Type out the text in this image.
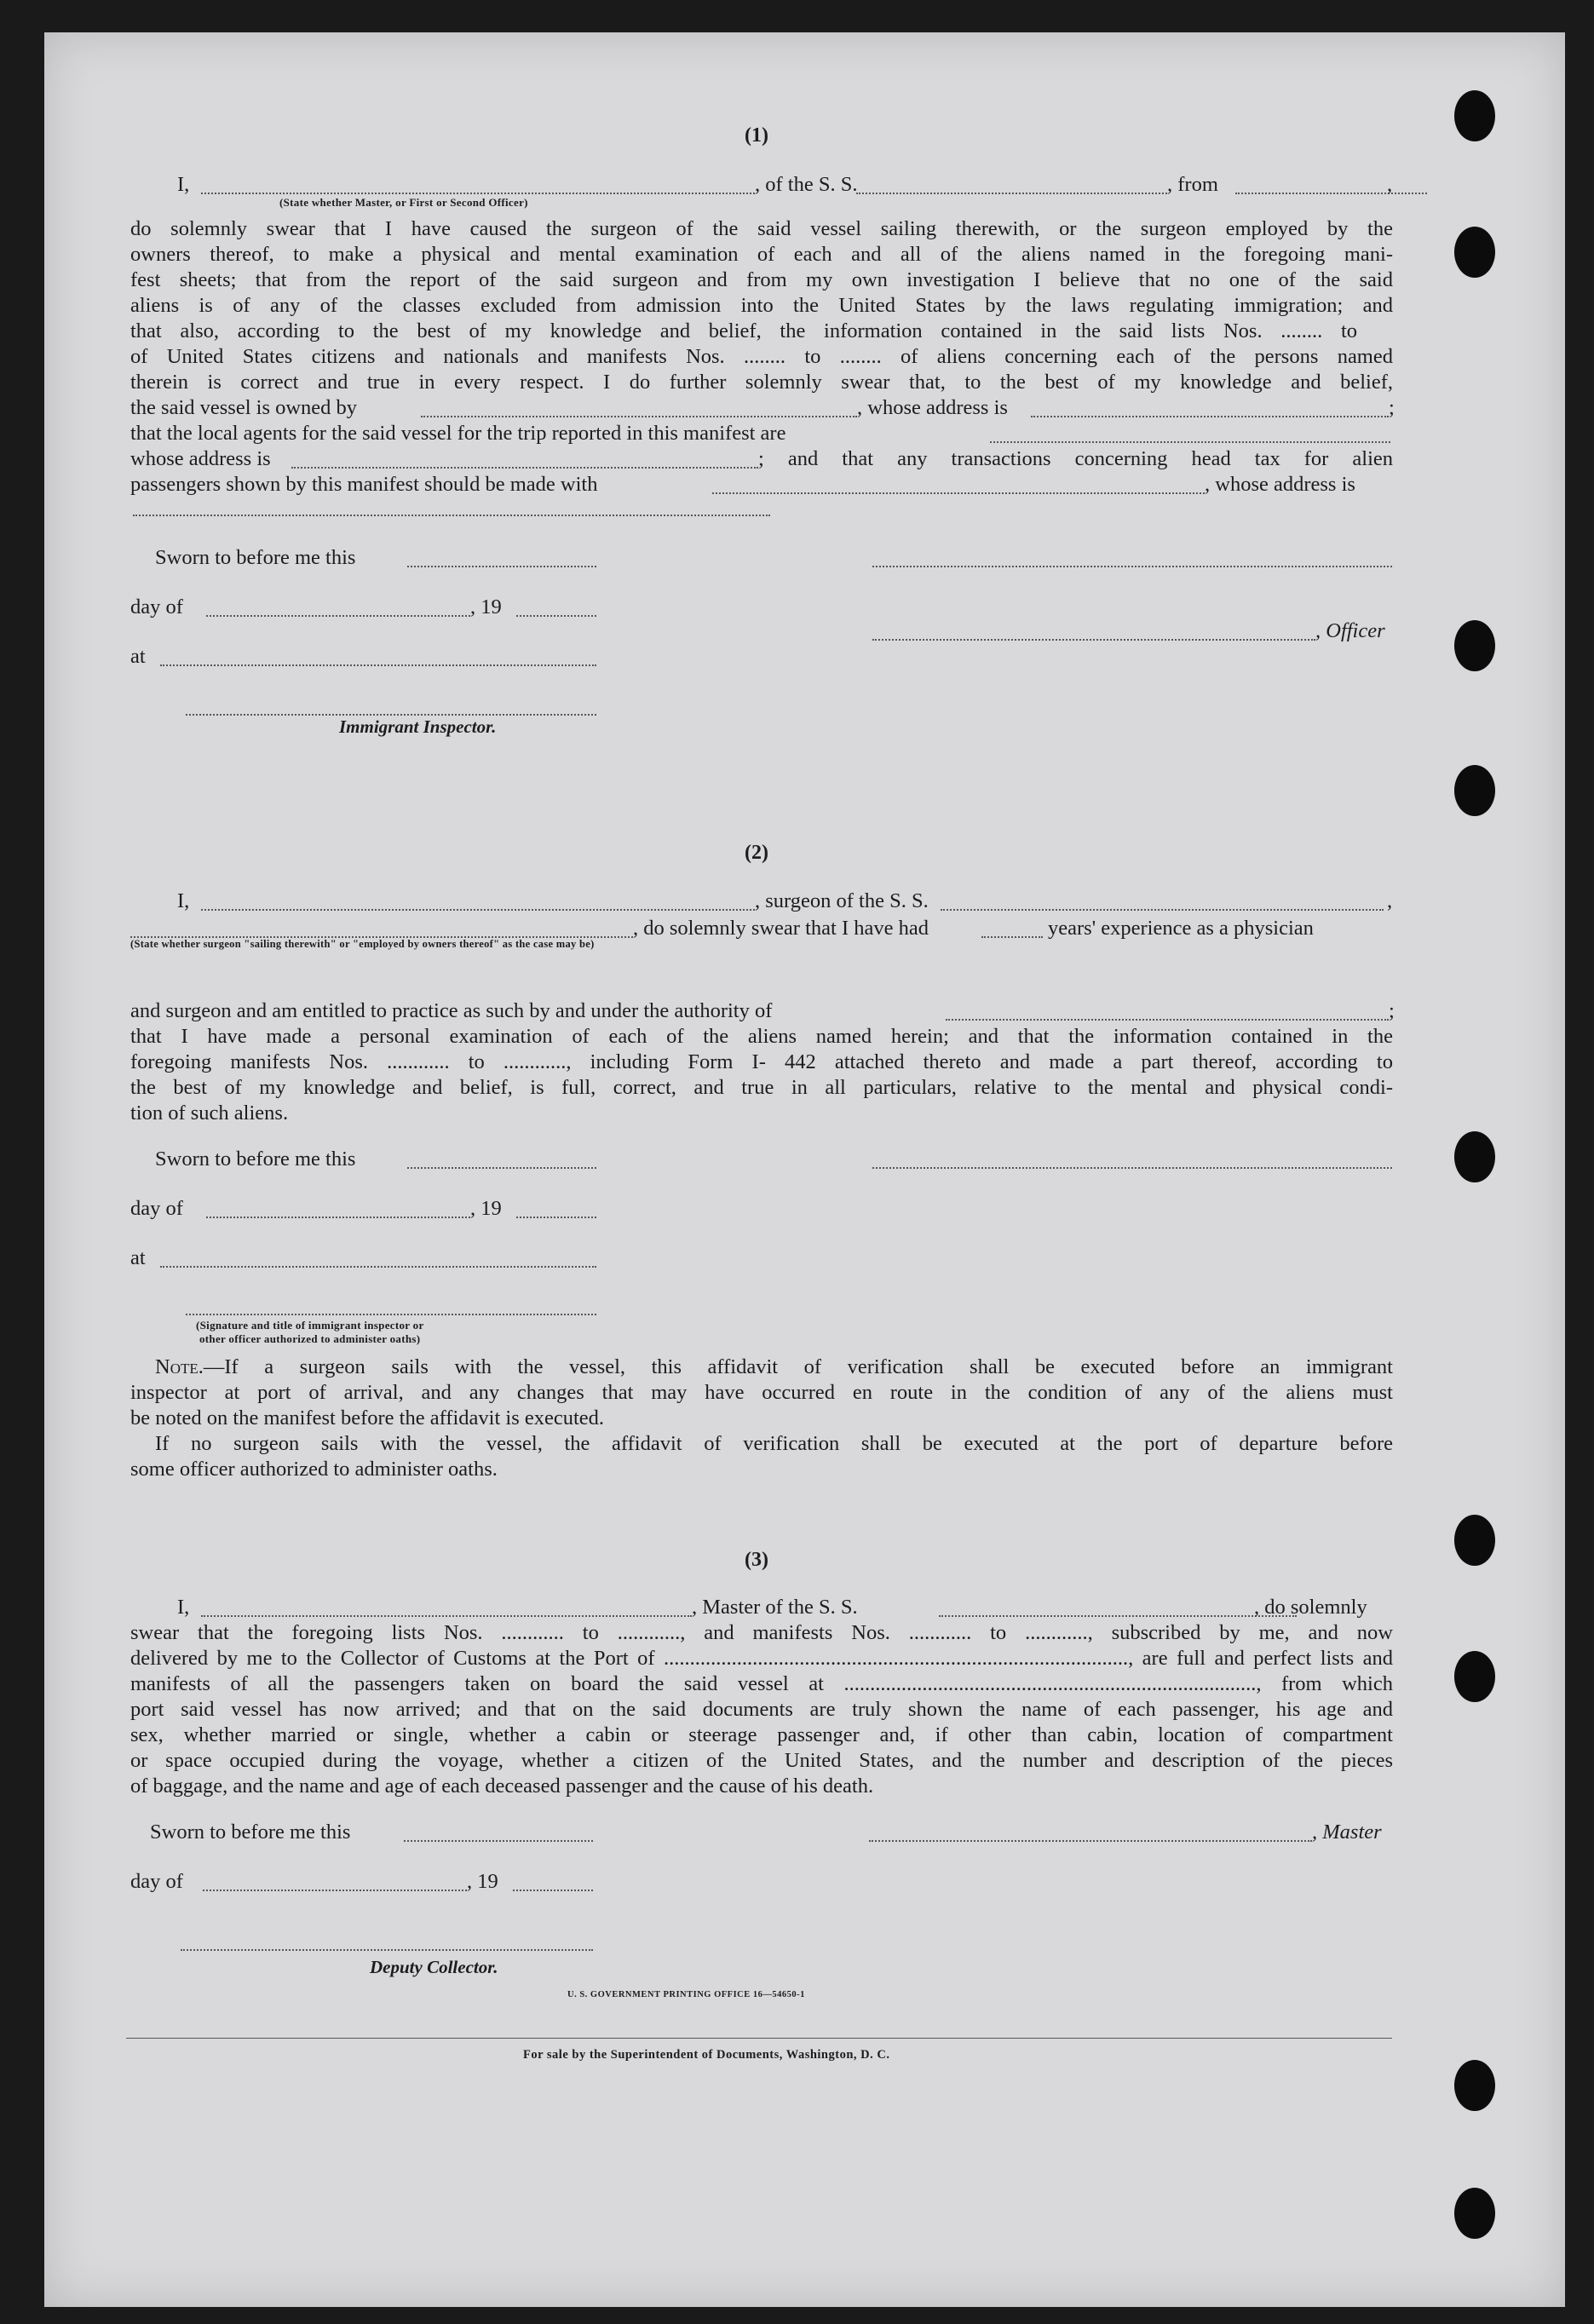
(1)
I,	, of the S. S.	, from	,
(State whether Master, or First or Second Officer)
do solemnly swear that I have caused the surgeon of the said vessel sailing therewith, or the surgeon employed by the
owners thereof, to make a physical and mental examination of each and all of the aliens named in the foregoing mani-
fest sheets; that from the report of the said surgeon and from my own investigation I believe that no one of the said
aliens is of any of the classes excluded from admission into the United States by the laws regulating immigration; and
that also, according to the best of my knowledge and belief, the information contained in the said lists Nos. ........ to
of United States citizens and nationals and manifests Nos. ........ to ........ of aliens concerning each of the persons named
therein is correct and true in every respect. I do further solemnly swear that, to the best of my knowledge and belief,
the said vessel is owned by	, whose address is	;
that the local agents for the said vessel for the trip reported in this manifest are
whose address is	; and that any transactions concerning head tax for alien
passengers shown by this manifest should be made with	, whose address is
Sworn to before me this
day of	, 19
at
, Officer
Immigrant Inspector.
(2)
I,	, surgeon of the S. S.	,
, do solemnly swear that I have had	years' experience as a physician
(State whether surgeon "sailing therewith" or "employed by owners thereof" as the case may be)
and surgeon and am entitled to practice as such by and under the authority of	;
that I have made a personal examination of each of the aliens named herein; and that the information contained in the
foregoing manifests Nos. ............ to ............, including Form I- 442 attached thereto and made a part thereof, according to
the best of my knowledge and belief, is full, correct, and true in all particulars, relative to the mental and physical condi-
tion of such aliens.
Sworn to before me this
day of	, 19
at
(Signature and title of immigrant inspector or
other officer authorized to administer oaths)
Note.—If a surgeon sails with the vessel, this affidavit of verification shall be executed before an immigrant
inspector at port of arrival, and any changes that may have occurred en route in the condition of any of the aliens must
be noted on the manifest before the affidavit is executed.
If no surgeon sails with the vessel, the affidavit of verification shall be executed at the port of departure before
some officer authorized to administer oaths.
(3)
I,	, Master of the S. S.	, do solemnly
swear that the foregoing lists Nos. ............ to ............, and manifests Nos. ............ to ............, subscribed by me, and now
delivered by me to the Collector of Customs at the Port of ........................................................................................., are full and perfect lists and
manifests of all the passengers taken on board the said vessel at ..............................................................................., from which
port said vessel has now arrived; and that on the said documents are truly shown the name of each passenger, his age and
sex, whether married or single, whether a cabin or steerage passenger and, if other than cabin, location of compartment
or space occupied during the voyage, whether a citizen of the United States, and the number and description of the pieces
of baggage, and the name and age of each deceased passenger and the cause of his death.
Sworn to before me this	, Master
day of	, 19
Deputy Collector.
U. S. GOVERNMENT PRINTING OFFICE 16—54650-1
For sale by the Superintendent of Documents, Washington, D. C.
